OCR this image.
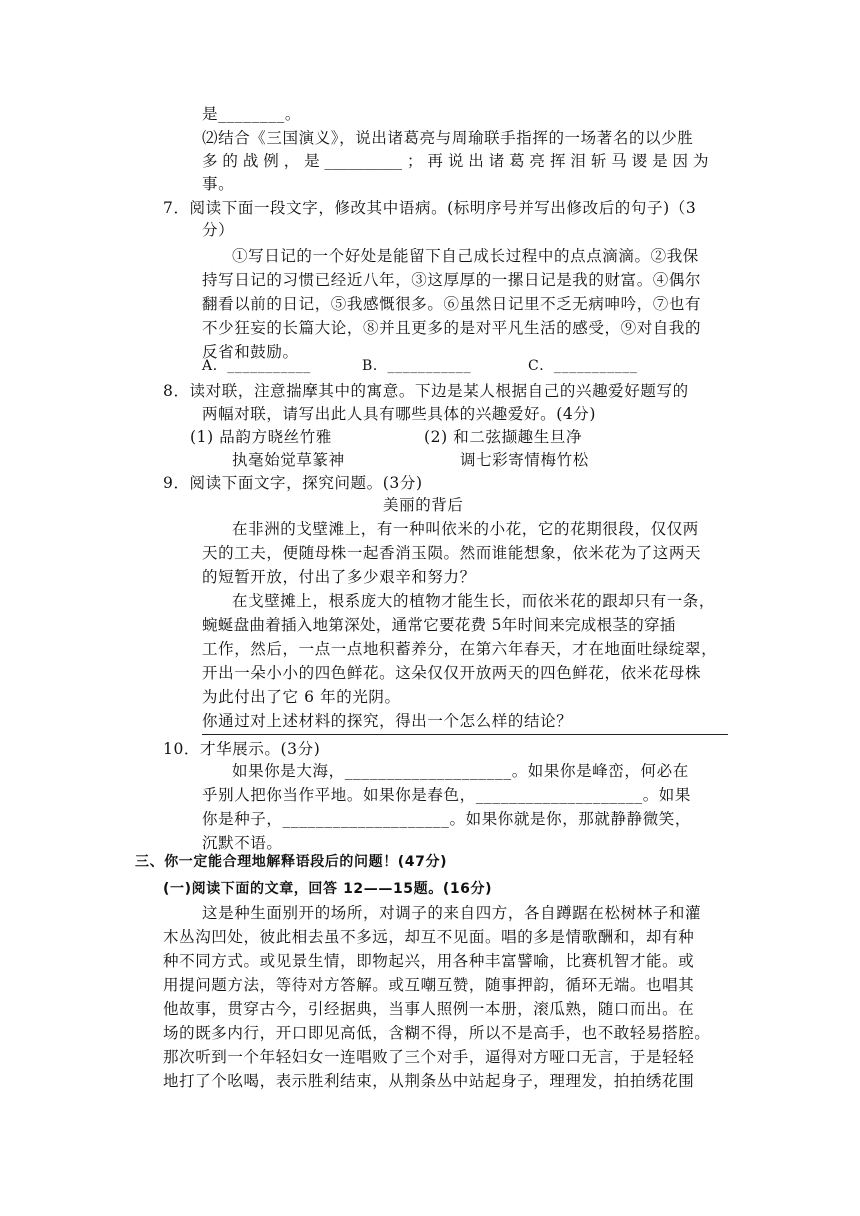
是________。
⑵结合《三国演义》，说出诸葛亮与周瑜联手指挥的一场著名的以少胜
多 的 战 例 ， 是 __________ ； 再 说 出 诸 葛 亮 挥 泪 斩 马 谡 是 因 为
事。
7．阅读下面一段文字，修改其中语病。(标明序号并写出修改后的句子)（3
分）
①写日记的一个好处是能留下自己成长过程中的点点滴滴。②我保
持写日记的习惯已经近八年，③这厚厚的一摞日记是我的财富。④偶尔
翻看以前的日记，⑤我感慨很多。⑥虽然日记里不乏无病呻吟，⑦也有
不少狂妄的长篇大论，⑧并且更多的是对平凡生活的感受，⑨对自我的
反省和鼓励。
A．___________	B．___________	C．___________
8．读对联，注意揣摩其中的寓意。下边是某人根据自己的兴趣爱好题写的
两幅对联，请写出此人具有哪些具体的兴趣爱好。(4分)
(1) 品韵方晓丝竹雅
执毫始觉草篆神
(2) 和二弦撷趣生旦净
调七彩寄情梅竹松
9．阅读下面文字，探究问题。(3分)
美丽的背后
在非洲的戈壁滩上，有一种叫依米的小花，它的花期很段，仅仅两
天的工夫，便随母株一起香消玉陨。然而谁能想象，依米花为了这两天
的短暂开放，付出了多少艰辛和努力？
在戈壁摊上，根系庞大的植物才能生长，而依米花的跟却只有一条，
蜿蜒盘曲着插入地第深处，通常它要花费 5年时间来完成根茎的穿插
工作，然后，一点一点地积蓄养分，在第六年春天，才在地面吐绿绽翠，
开出一朵小小的四色鲜花。这朵仅仅开放两天的四色鲜花，依米花母株
为此付出了它 6 年的光阴。
你通过对上述材料的探究，得出一个怎么样的结论？
10．才华展示。(3分)
如果你是大海，____________________。如果你是峰峦，何必在
乎别人把你当作平地。如果你是春色，____________________。如果
你是种子，____________________。如果你就是你，那就静静微笑，
沉默不语。
三、你一定能合理地解释语段后的问题！(47分)
(一)阅读下面的文章，回答 12——15题。(16分)
这是种生面别开的场所，对调子的来自四方，各自蹲踞在松树林子和灌
木丛沟凹处，彼此相去虽不多远，却互不见面。唱的多是情歌酬和，却有种
种不同方式。或见景生情，即物起兴，用各种丰富譬喻，比赛机智才能。或
用提问题方法，等待对方答解。或互嘲互赞，随事押韵，循环无端。也唱其
他故事，贯穿古今，引经据典，当事人照例一本册，滚瓜熟，随口而出。在
场的既多内行，开口即见高低，含糊不得，所以不是高手，也不敢轻易搭腔。
那次听到一个年轻妇女一连唱败了三个对手，逼得对方哑口无言，于是轻轻
地打了个吆喝，表示胜利结束，从荆条丛中站起身子，理理发，拍拍绣花围
